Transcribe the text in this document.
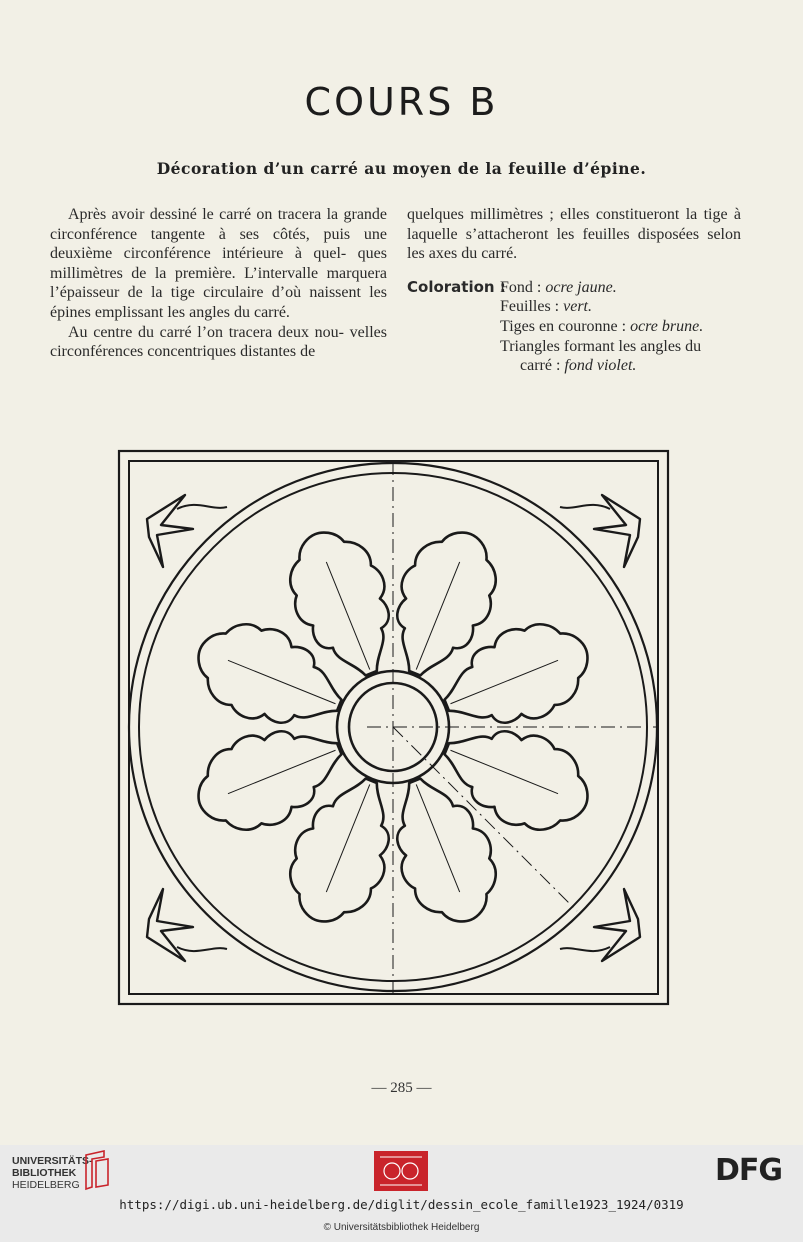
COURS B
Décoration d’un carré au moyen de la feuille d’épine.

Après avoir dessiné le carré on tracera la grande circonférence tangente à ses côtés, puis une deuxième circonférence intérieure à quel- ques millimètres de la première. L’intervalle marquera l’épaisseur de la tige circulaire d’où naissent les épines emplissant les angles du carré.

Au centre du carré l’on tracera deux nou- velles circonférences concentriques distantes de

quelques millimètres ; elles constitueront la tige à laquelle s’attacheront les feuilles disposées selon les axes du carré.

Coloration :
Fond : ocre jaune.
Feuilles : vert.
Tiges en couronne : ocre brune.
Triangles formant les angles du
carré : fond violet.
— 285 —
UNIVERSITÄTS-
BIBLIOTHEK
HEIDELBERG	DFG
https://digi.ub.uni-heidelberg.de/diglit/dessin_ecole_famille1923_1924/0319
© Universitätsbibliothek Heidelberg
